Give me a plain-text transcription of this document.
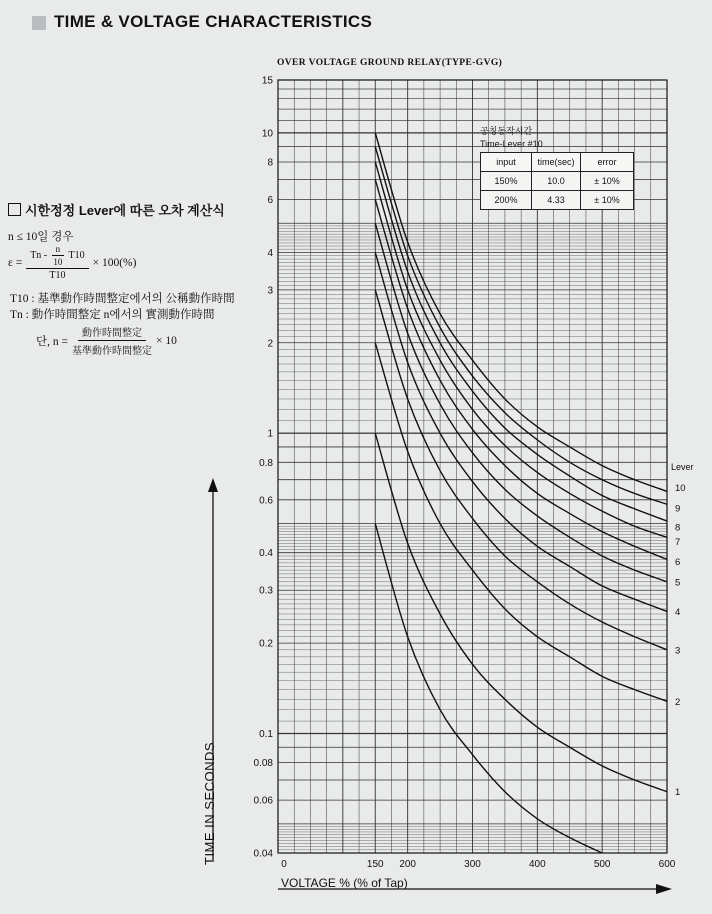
TIME & VOLTAGE CHARACTERISTICS
OVER VOLTAGE GROUND RELAY(TYPE-GVG)
시한정정 Lever에 따른 오차 계산식
n ≤ 10일 경우
$\varepsilon = \frac{Tn - \frac{n}{10} T10}{T10} \times 100(\%)$
T10 : 基準動作時間整定에서의 公稱動作時間
Tn : 動作時間整定 n에서의 實測動作時間
단, $n = \frac{\text{動作時間整定}}{\text{基準動作時間整定}} \times 10$
15
10
8
6
4
3
2
1
0.8
0.6
0.4
0.3
0.2
0.1
0.08
0.06
0.04
0	150 200	300	400	500	600
Lever
10
9
8
7
6
5
4
3
2
1
공칭동작시간
Time-Lever #10
input	time(sec)	error
150%	10.0	± 10%
200%	4.33	± 10%
TIME IN SECONDS
VOLTAGE % (% of Tap)
